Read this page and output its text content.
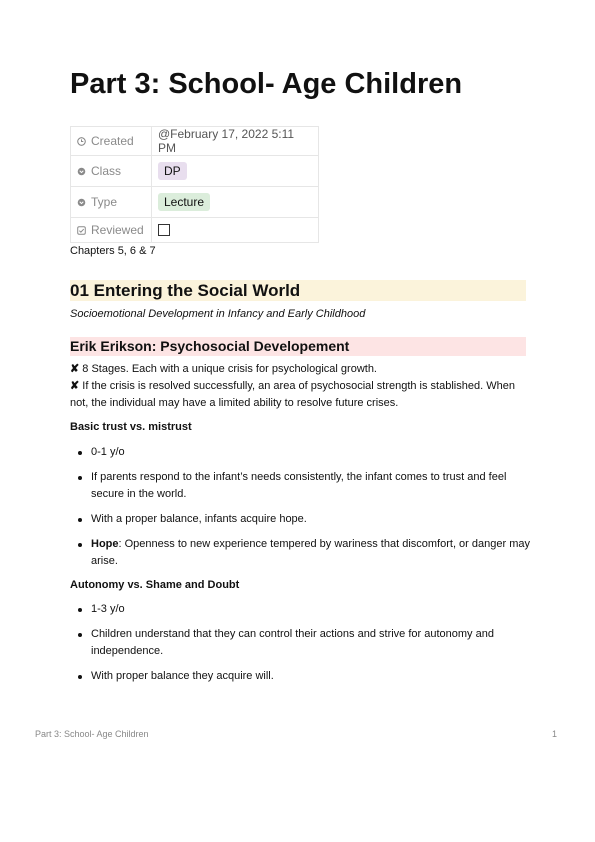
Part 3: School- Age Children
Created	@February 17, 2022 5:11 PM
Class	DP
Type	Lecture
Reviewed	
Chapters 5, 6 & 7
01 Entering the Social World
Socioemotional Development in Infancy and Early Childhood
Erik Erikson: Psychosocial Developement
✘ 8 Stages. Each with a unique crisis for psychological growth.
✘ If the crisis is resolved successfully, an area of psychosocial strength is stablished. When not, the individual may have a limited ability to resolve future crises.
Basic trust vs. mistrust
0-1 y/o
If parents respond to the infant’s needs consistently, the infant comes to trust and feel secure in the world.
With a proper balance, infants acquire hope.
Hope: Openness to new experience tempered by wariness that discomfort, or danger may arise.
Autonomy vs. Shame and Doubt
1-3 y/o
Children understand that they can control their actions and strive for autonomy and independence.
With proper balance they acquire will.
Part 3: School- Age Children	1
